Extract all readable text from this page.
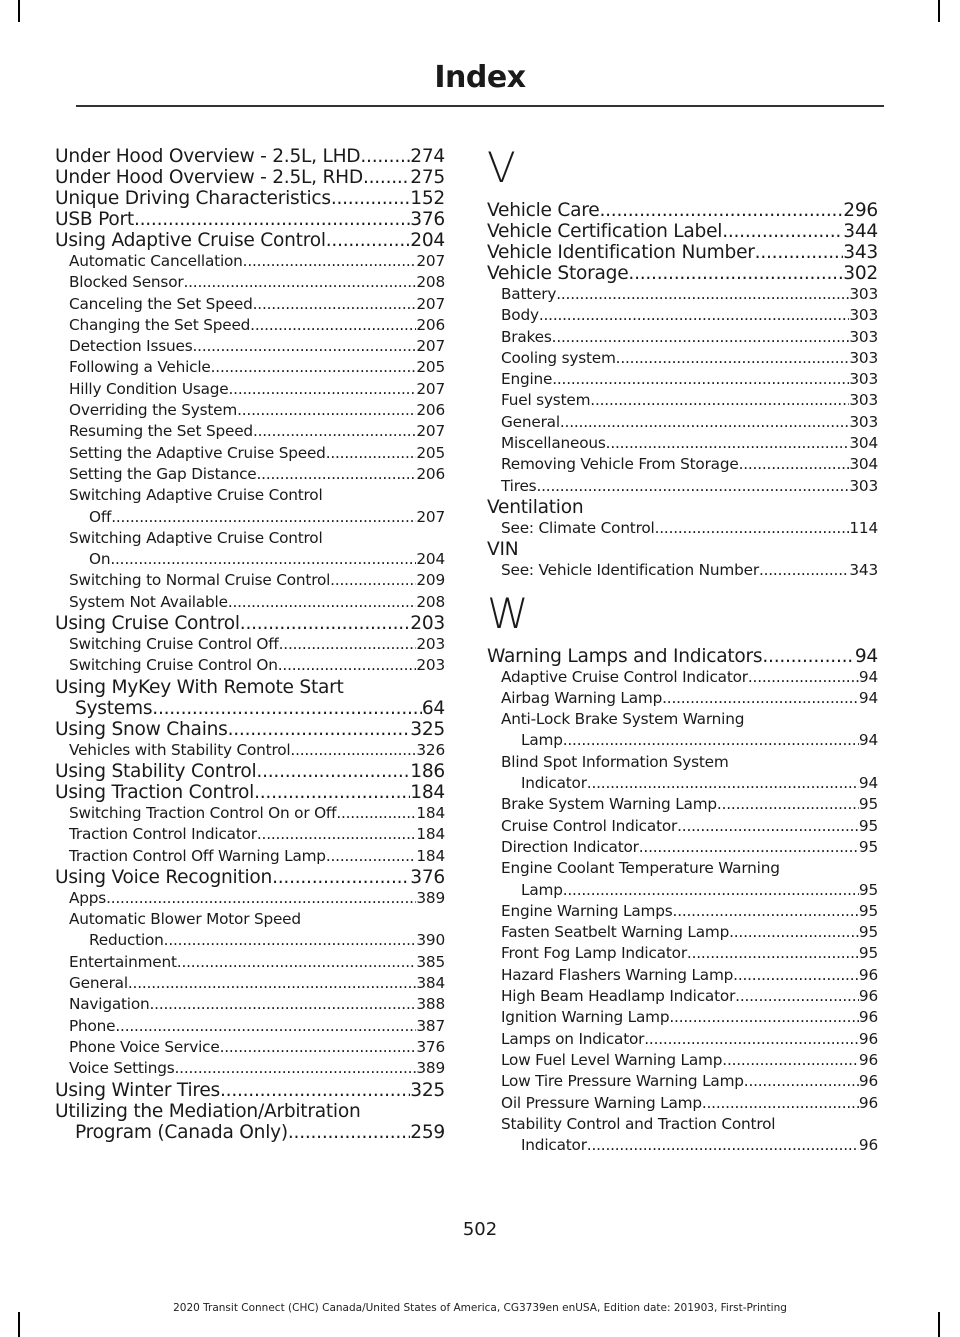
Index
Under Hood Overview - 2.5L, LHD .....	274
Under Hood Overview - 2.5L, RHD .....	275
Unique Driving Characteristics .....	152
USB Port .....	376
Using Adaptive Cruise Control .....	204
Automatic Cancellation .....	207
Blocked Sensor .....	208
Canceling the Set Speed .....	207
Changing the Set Speed .....	206
Detection Issues .....	207
Following a Vehicle .....	205
Hilly Condition Usage .....	207
Overriding the System .....	206
Resuming the Set Speed .....	207
Setting the Adaptive Cruise Speed .....	205
Setting the Gap Distance .....	206
Switching Adaptive Cruise Control
Off .....	207
Switching Adaptive Cruise Control
On .....	204
Switching to Normal Cruise Control .....	209
System Not Available .....	208
Using Cruise Control .....	203
Switching Cruise Control Off .....	203
Switching Cruise Control On .....	203
Using MyKey With Remote Start
Systems .....	64
Using Snow Chains .....	325
Vehicles with Stability Control .....	326
Using Stability Control .....	186
Using Traction Control .....	184
Switching Traction Control On or Off .....	184
Traction Control Indicator .....	184
Traction Control Off Warning Lamp .....	184
Using Voice Recognition .....	376
Apps .....	389
Automatic Blower Motor Speed
Reduction .....	390
Entertainment .....	385
General .....	384
Navigation .....	388
Phone .....	387
Phone Voice Service .....	376
Voice Settings .....	389
Using Winter Tires .....	325
Utilizing the Mediation/Arbitration
Program (Canada Only) .....	259
V
Vehicle Care .....	296
Vehicle Certification Label .....	344
Vehicle Identification Number .....	343
Vehicle Storage .....	302
Battery .....	303
Body .....	303
Brakes .....	303
Cooling system .....	303
Engine .....	303
Fuel system .....	303
General .....	303
Miscellaneous .....	304
Removing Vehicle From Storage .....	304
Tires .....	303
Ventilation
See: Climate Control .....	114
VIN
See: Vehicle Identification Number .....	343
W
Warning Lamps and Indicators .....	94
Adaptive Cruise Control Indicator .....	94
Airbag Warning Lamp .....	94
Anti-Lock Brake System Warning
Lamp .....	94
Blind Spot Information System
Indicator .....	94
Brake System Warning Lamp .....	95
Cruise Control Indicator .....	95
Direction Indicator .....	95
Engine Coolant Temperature Warning
Lamp .....	95
Engine Warning Lamps .....	95
Fasten Seatbelt Warning Lamp .....	95
Front Fog Lamp Indicator .....	95
Hazard Flashers Warning Lamp .....	96
High Beam Headlamp Indicator .....	96
Ignition Warning Lamp .....	96
Lamps on Indicator .....	96
Low Fuel Level Warning Lamp .....	96
Low Tire Pressure Warning Lamp .....	96
Oil Pressure Warning Lamp .....	96
Stability Control and Traction Control
Indicator .....	96
502
2020 Transit Connect (CHC) Canada/United States of America, CG3739en enUSA, Edition date: 201903, First-Printing
